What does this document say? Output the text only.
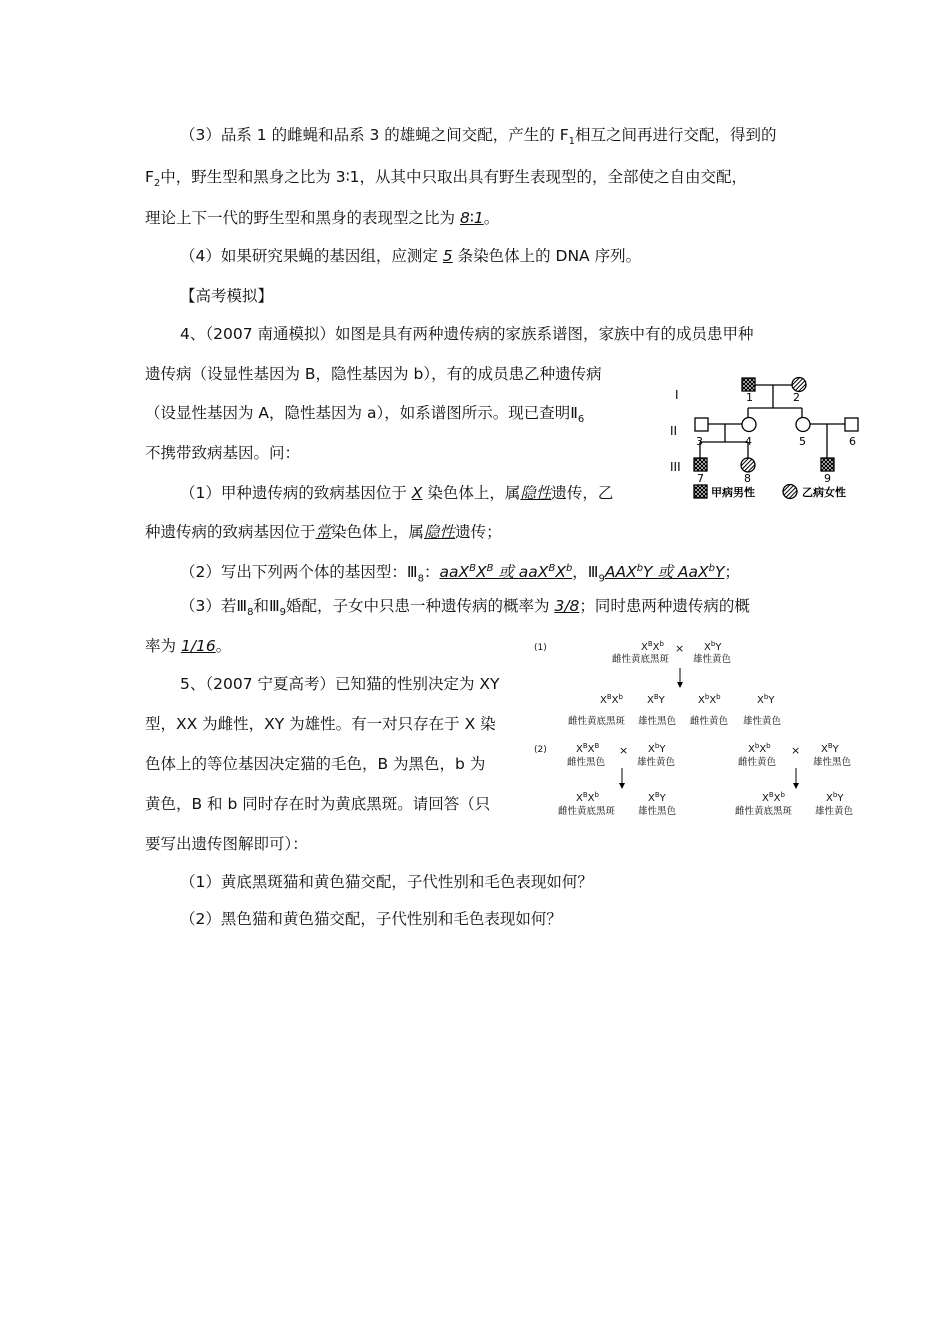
（3）品系 1 的雌蝇和品系 3 的雄蝇之间交配，产生的 $F_1$相互之间再进行交配，得到的
$F_2$中，野生型和黑身之比为 3∶1，从其中只取出具有野生表现型的，全部使之自由交配，
理论上下一代的野生型和黑身的表现型之比为 8∶1。
（4）如果研究果蝇的基因组，应测定 5 条染色体上的 DNA 序列。
【高考模拟】
4、（2007 南通模拟）如图是具有两种遗传病的家族系谱图，家族中有的成员患甲种
遗传病（设显性基因为 B，隐性基因为 b），有的成员患乙种遗传病
（设显性基因为 A，隐性基因为 a），如系谱图所示。现已查明$Ⅱ_6$
不携带致病基因。问：
（1）甲种遗传病的致病基因位于 X 染色体上，属隐性遗传，乙
种遗传病的致病基因位于常染色体上，属隐性遗传；
（2）写出下列两个体的基因型：$Ⅲ_8$：$aaX^BX^B$ 或 $aaX^BX^b$，$Ⅲ_9AAX^bY$ 或 AaX$^b$Y；
（3）若$Ⅲ_8$和$Ⅲ_9$婚配，子女中只患一种遗传病的概率为 3/8；同时患两种遗传病的概
率为 1/16。
5、（2007 宁夏高考）已知猫的性别决定为 XY
型，XX 为雌性，XY 为雄性。有一对只存在于 X 染
色体上的等位基因决定猫的毛色，B 为黑色，b 为
黄色，B 和 b 同时存在时为黄底黑斑。请回答（只
要写出遗传图解即可）：
（1）黄底黑斑猫和黄色猫交配，子代性别和毛色表现如何？
（2）黑色猫和黄色猫交配，子代性别和毛色表现如何？
I
II
III
1	2
3	4	5	6
7	8	9
甲病男性	乙病女性
(1)
(2)
$X^BX^b$
雌性黄底黑斑
× $X^bY$
雄性黄色
$X^BX^b$ $X^BY$	$X^bX^b$	$X^bY$
雌性黄底黑斑 雄性黑色 雌性黄色 雄性黄色
$X^BX^B$
雌性黑色
× $X^bY$
雄性黄色
$X^BX^b$	$X^BY$
雌性黄底黑斑 雄性黑色
$X^bX^b$
雌性黄色
× $X^BY$
雄性黑色
$X^BX^b$	$X^bY$
雌性黄底黑斑 雄性黄色
